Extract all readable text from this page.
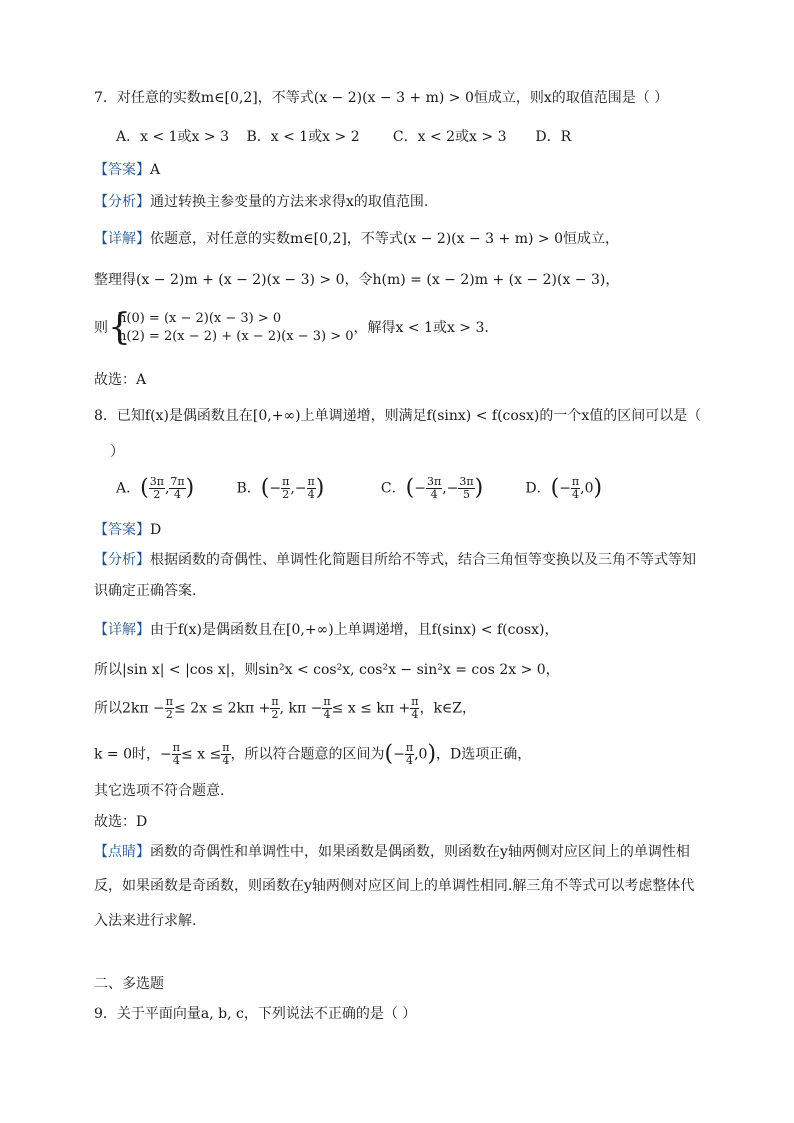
7．对任意的实数m∈[0,2]，不等式(x − 2)(x − 3 + m) > 0恒成立，则x的取值范围是（ ）
A．x < 1或x > 3 B．x < 1或x > 2 C．x < 2或x > 3 D．R
【答案】A
【分析】通过转换主参变量的方法来求得x的取值范围.
【详解】依题意，对任意的实数m∈[0,2]，不等式(x − 2)(x − 3 + m) > 0恒成立，
整理得(x − 2)m + (x − 2)(x − 3) > 0，令h(m) = (x − 2)m + (x − 2)(x − 3)，
则 {
h(0) = (x − 2)(x − 3) > 0
h(2) = 2(x − 2) + (x − 2)(x − 3) > 0
，解得x < 1或x > 3.
故选：A
8．已知f(x)是偶函数且在[0,+∞)上单调递增，则满足f(sinx) < f(cosx)的一个x值的区间可以是（
）
A．( $\frac{3\pi}{2}$ , $\frac{7\pi}{4}$ )	B．(− $\frac{\pi}{2}$ ,− $\frac{\pi}{4}$ )	C．(− $\frac{3\pi}{4}$ ,− $\frac{3\pi}{5}$ )	D．(− $\frac{\pi}{4} ,0$)
【答案】D
【分析】根据函数的奇偶性、单调性化简题目所给不等式，结合三角恒等变换以及三角不等式等知
识确定正确答案.
【详解】由于f(x)是偶函数且在[0,+∞)上单调递增，且f(sinx) < f(cosx)，
所以|sin x| < |cos x|，则sin²x < cos²x, cos²x − sin²x = cos 2x > 0，
所以$2k\pi - \frac{\pi}{2} \le 2x \le 2k\pi + \frac{\pi}{2}$ , $k\pi - \frac{\pi}{4} \le x \le k\pi + \frac{\pi}{4}$ ，k∈Z，
k = 0时，− $\frac{\pi}{4} \le x \le \frac{\pi}{4}$ ，所以符合题意的区间为(− $\frac{\pi}{4} ,0$)，D选项正确，
其它选项不符合题意.
故选：D
【点睛】函数的奇偶性和单调性中，如果函数是偶函数，则函数在y轴两侧对应区间上的单调性相
反，如果函数是奇函数，则函数在y轴两侧对应区间上的单调性相同.解三角不等式可以考虑整体代
入法来进行求解.
二、多选题
9．关于平面向量a, b, c，下列说法不正确的是（ ）
